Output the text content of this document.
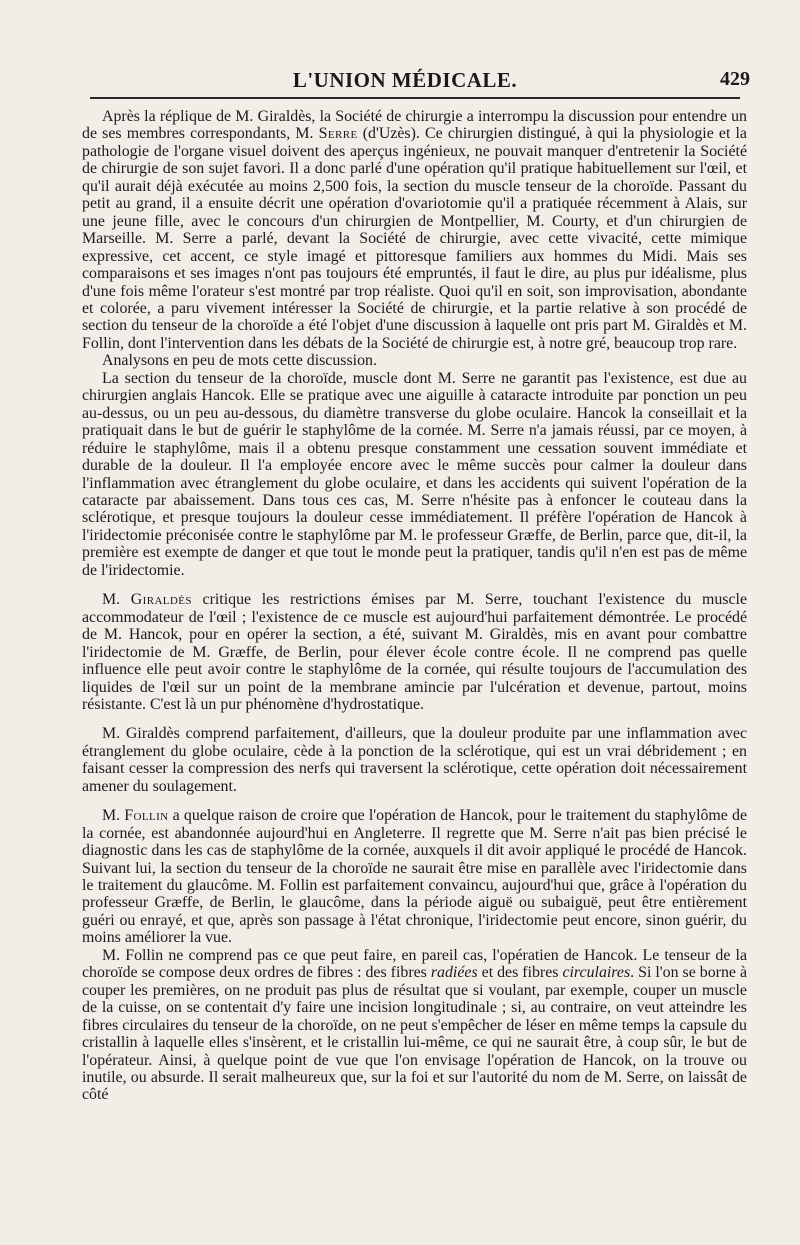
L'UNION MÉDICALE.	429

Après la réplique de M. Giraldès, la Société de chirurgie a interrompu la discussion pour entendre un de ses membres correspondants, M. Serre (d'Uzès). Ce chirurgien distingué, à qui la physiologie et la pathologie de l'organe visuel doivent des aperçus ingénieux, ne pouvait manquer d'entretenir la Société de chirurgie de son sujet favori. Il a donc parlé d'une opération qu'il pratique habituellement sur l'œil, et qu'il aurait déjà exécutée au moins 2,500 fois, la section du muscle tenseur de la choroïde. Passant du petit au grand, il a ensuite décrit une opération d'ovariotomie qu'il a pratiquée récemment à Alais, sur une jeune fille, avec le concours d'un chirurgien de Montpellier, M. Courty, et d'un chirurgien de Marseille. M. Serre a parlé, devant la Société de chirurgie, avec cette vivacité, cette mimique expressive, cet accent, ce style imagé et pittoresque familiers aux hommes du Midi. Mais ses comparaisons et ses images n'ont pas toujours été empruntés, il faut le dire, au plus pur idéalisme, plus d'une fois même l'orateur s'est montré par trop réaliste. Quoi qu'il en soit, son improvisation, abondante et colorée, a paru vivement intéresser la Société de chirurgie, et la partie relative à son procédé de section du tenseur de la choroïde a été l'objet d'une discussion à laquelle ont pris part M. Giraldès et M. Follin, dont l'intervention dans les débats de la Société de chirurgie est, à notre gré, beaucoup trop rare.

Analysons en peu de mots cette discussion.

La section du tenseur de la choroïde, muscle dont M. Serre ne garantit pas l'existence, est due au chirurgien anglais Hancok. Elle se pratique avec une aiguille à cataracte introduite par ponction un peu au-dessus, ou un peu au-dessous, du diamètre transverse du globe oculaire. Hancok la conseillait et la pratiquait dans le but de guérir le staphylôme de la cornée. M. Serre n'a jamais réussi, par ce moyen, à réduire le staphylôme, mais il a obtenu presque constamment une cessation souvent immédiate et durable de la douleur. Il l'a employée encore avec le même succès pour calmer la douleur dans l'inflammation avec étranglement du globe oculaire, et dans les accidents qui suivent l'opération de la cataracte par abaissement. Dans tous ces cas, M. Serre n'hésite pas à enfoncer le couteau dans la sclérotique, et presque toujours la douleur cesse immédiatement. Il préfère l'opération de Hancok à l'iridectomie préconisée contre le staphylôme par M. le professeur Græffe, de Berlin, parce que, dit-il, la première est exempte de danger et que tout le monde peut la pratiquer, tandis qu'il n'en est pas de même de l'iridectomie.

M. Giraldès critique les restrictions émises par M. Serre, touchant l'existence du muscle accommodateur de l'œil ; l'existence de ce muscle est aujourd'hui parfaitement démontrée. Le procédé de M. Hancok, pour en opérer la section, a été, suivant M. Giraldès, mis en avant pour combattre l'iridectomie de M. Græffe, de Berlin, pour élever école contre école. Il ne comprend pas quelle influence elle peut avoir contre le staphylôme de la cornée, qui résulte toujours de l'accumulation des liquides de l'œil sur un point de la membrane amincie par l'ulcération et devenue, partout, moins résistante. C'est là un pur phénomène d'hydrostatique.

M. Giraldès comprend parfaitement, d'ailleurs, que la douleur produite par une inflammation avec étranglement du globe oculaire, cède à la ponction de la sclérotique, qui est un vrai débridement ; en faisant cesser la compression des nerfs qui traversent la sclérotique, cette opération doit nécessairement amener du soulagement.

M. Follin a quelque raison de croire que l'opération de Hancok, pour le traitement du staphylôme de la cornée, est abandonnée aujourd'hui en Angleterre. Il regrette que M. Serre n'ait pas bien précisé le diagnostic dans les cas de staphylôme de la cornée, auxquels il dit avoir appliqué le procédé de Hancok. Suivant lui, la section du tenseur de la choroïde ne saurait être mise en parallèle avec l'iridectomie dans le traitement du glaucôme. M. Follin est parfaitement convaincu, aujourd'hui que, grâce à l'opération du professeur Græffe, de Berlin, le glaucôme, dans la période aiguë ou subaiguë, peut être entièrement guéri ou enrayé, et que, après son passage à l'état chronique, l'iridectomie peut encore, sinon guérir, du moins améliorer la vue.

M. Follin ne comprend pas ce que peut faire, en pareil cas, l'opératien de Hancok. Le tenseur de la choroïde se compose deux ordres de fibres : des fibres radiées et des fibres circulaires. Si l'on se borne à couper les premières, on ne produit pas plus de résultat que si voulant, par exemple, couper un muscle de la cuisse, on se contentait d'y faire une incision longitudinale ; si, au contraire, on veut atteindre les fibres circulaires du tenseur de la choroïde, on ne peut s'empêcher de léser en même temps la capsule du cristallin à laquelle elles s'insèrent, et le cristallin lui-même, ce qui ne saurait être, à coup sûr, le but de l'opérateur. Ainsi, à quelque point de vue que l'on envisage l'opération de Hancok, on la trouve ou inutile, ou absurde. Il serait malheureux que, sur la foi et sur l'autorité du nom de M. Serre, on laissât de côté
